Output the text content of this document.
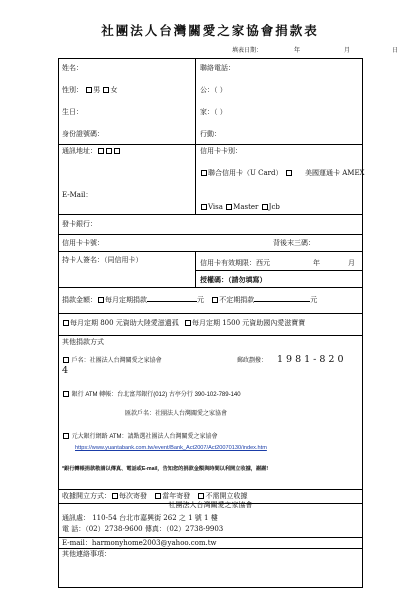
社團法人台灣關愛之家協會捐款表
填表日期：	年	月	日
姓名：	聯絡電話：
性別： 男 女	公：（ ）
生日：	家：（ ）
身份證號碼：	行動：
通訊地址：
E-Mail：
信用卡卡別：
聯合信用卡（U Card）	美國運通卡 AMEX
Visa Master Jcb
發卡銀行：
信用卡卡號：	背後末三碼：
持卡人簽名：（同信用卡）	信用卡有效期限：西元	年	月
授權碼：（請勿填寫）
捐款金額： 每月定期捐款	元 不定期捐款	元
每月定期 800 元資助大陸愛滋遺孤 每月定期 1500 元資助國內愛滋寶寶
其他捐款方式
戶名：社團法人台灣關愛之家協會	郵政劃撥： 1981-820
4
銀行 ATM 轉帳：台北富邦銀行(012) 古亭分行 390-102-789-140
匯款戶名：社團法人台灣關愛之家協會
元大銀行網路 ATM：請點選社團法人台灣關愛之家協會
https://www.yuantabank.com.tw/event/Bank_Act2007/Act20070130/index.htm
*銀行轉帳捐款敬請以傳真、電話或E-mail，告知您的捐款金額與時間以利開立收據，謝謝!
收據開立方式： 每次寄發 當年寄發 不需開立收據
社團法人台灣關愛之家協會
通訊處： 110-54 台北市嘉興街 262 之 1 號 1 樓
電 話：（02）2738-9600 傳真：（02）2738-9903
E-mail：harmonyhome2003@yahoo.com.tw
其他連絡事項：
